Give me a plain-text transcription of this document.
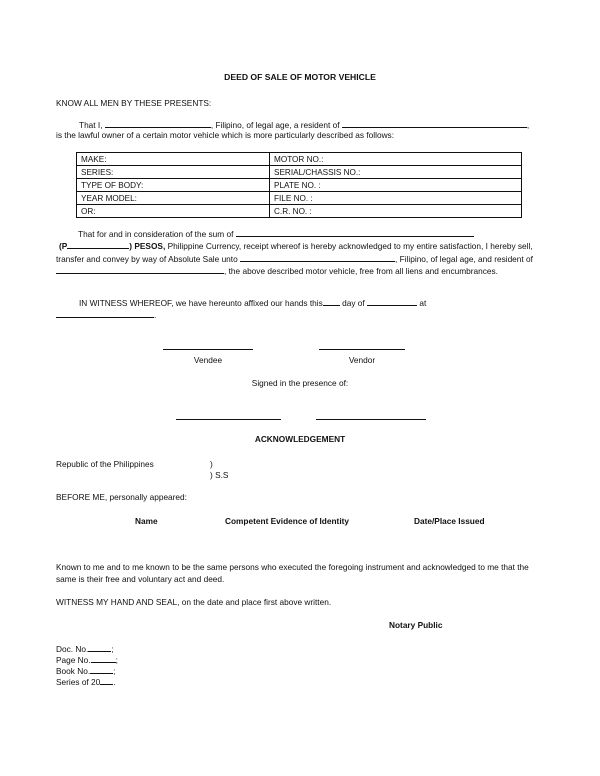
DEED OF SALE OF MOTOR VEHICLE
KNOW ALL MEN BY THESE PRESENTS:
That I,	, Filipino, of legal age, a resident of	,
is the lawful owner of a certain motor vehicle which is more particularly described as follows:
MAKE:	MOTOR NO.:
SERIES:	SERIAL/CHASSIS NO.:
TYPE OF BODY:	PLATE NO. :
YEAR MODEL:	FILE NO. :
OR:	C.R. NO. :
That for and in consideration of the sum of
(P	) PESOS, Philippine Currency, receipt whereof is hereby acknowledged to my entire satisfaction, I hereby sell, transfer and convey by way of Absolute Sale unto	, Filipino, of legal age, and resident of , the above described motor vehicle, free from all liens and encumbrances.
IN WITNESS WHEREOF, we have hereunto affixed our hands this day of	at
.
Vendee	Vendor
Signed in the presence of:
ACKNOWLEDGEMENT
Republic of the Philippines	)
) S.S
BEFORE ME, personally appeared:
Name	Competent Evidence of Identity	Date/Place Issued
Known to me and to me known to be the same persons who executed the foregoing instrument and acknowledged to me that the same is their free and voluntary act and deed.
WITNESS MY HAND AND SEAL, on the date and place first above written.
Notary Public
Doc. No.	;
Page No.	;
Book No.	;
Series of 20 .
